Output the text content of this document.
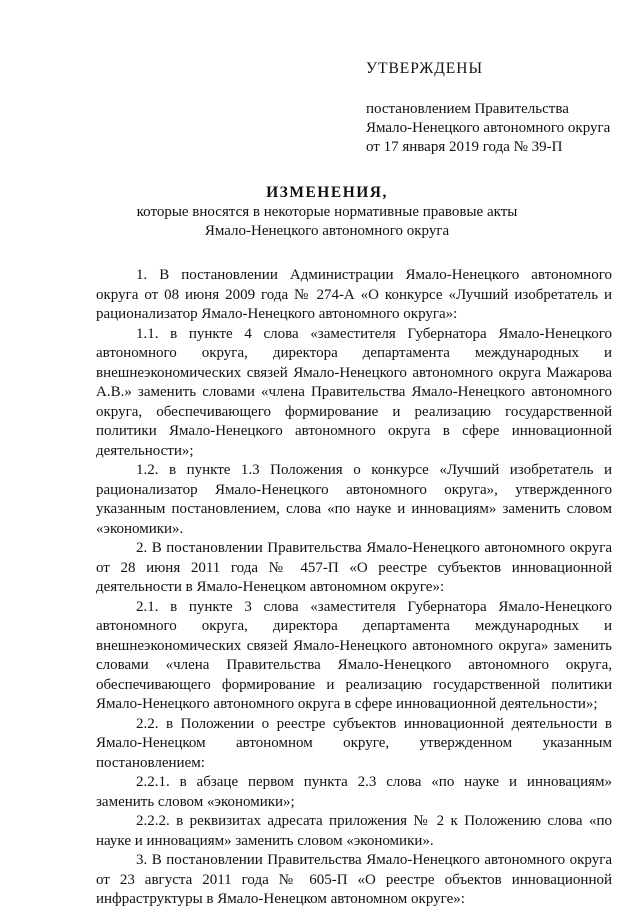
УТВЕРЖДЕНЫ

постановлением Правительства

Ямало-Ненецкого автономного округа

от 17 января 2019 года № 39-П

ИЗМЕНЕНИЯ,

которые вносятся в некоторые нормативные правовые акты

Ямало-Ненецкого автономного округа

1. В постановлении Администрации Ямало-Ненецкого автономного округа от 08 июня 2009 года № 274-А «О конкурсе «Лучший изобретатель и рационализатор Ямало-Ненецкого автономного округа»:

1.1. в пункте 4 слова «заместителя Губернатора Ямало-Ненецкого автономного округа, директора департамента международных и внешнеэкономических связей Ямало-Ненецкого автономного округа Мажарова А.В.» заменить словами «члена Правительства Ямало-Ненецкого автономного округа, обеспечивающего формирование и реализацию государственной политики Ямало-Ненецкого автономного округа в сфере инновационной деятельности»;

1.2. в пункте 1.3 Положения о конкурсе «Лучший изобретатель и рационализатор Ямало-Ненецкого автономного округа», утвержденного указанным постановлением, слова «по науке и инновациям» заменить словом «экономики».

2. В постановлении Правительства Ямало-Ненецкого автономного округа от 28 июня 2011 года № 457-П «О реестре субъектов инновационной деятельности в Ямало-Ненецком автономном округе»:

2.1. в пункте 3 слова «заместителя Губернатора Ямало-Ненецкого автономного округа, директора департамента международных и внешнеэкономических связей Ямало-Ненецкого автономного округа» заменить словами «члена Правительства Ямало-Ненецкого автономного округа, обеспечивающего формирование и реализацию государственной политики Ямало-Ненецкого автономного округа в сфере инновационной деятельности»;

2.2. в Положении о реестре субъектов инновационной деятельности в Ямало-Ненецком автономном округе, утвержденном указанным постановлением:

2.2.1. в абзаце первом пункта 2.3 слова «по науке и инновациям» заменить словом «экономики»;

2.2.2. в реквизитах адресата приложения № 2 к Положению слова «по науке и инновациям» заменить словом «экономики».

3. В постановлении Правительства Ямало-Ненецкого автономного округа от 23 августа 2011 года № 605-П «О реестре объектов инновационной инфраструктуры в Ямало-Ненецком автономном округе»:
